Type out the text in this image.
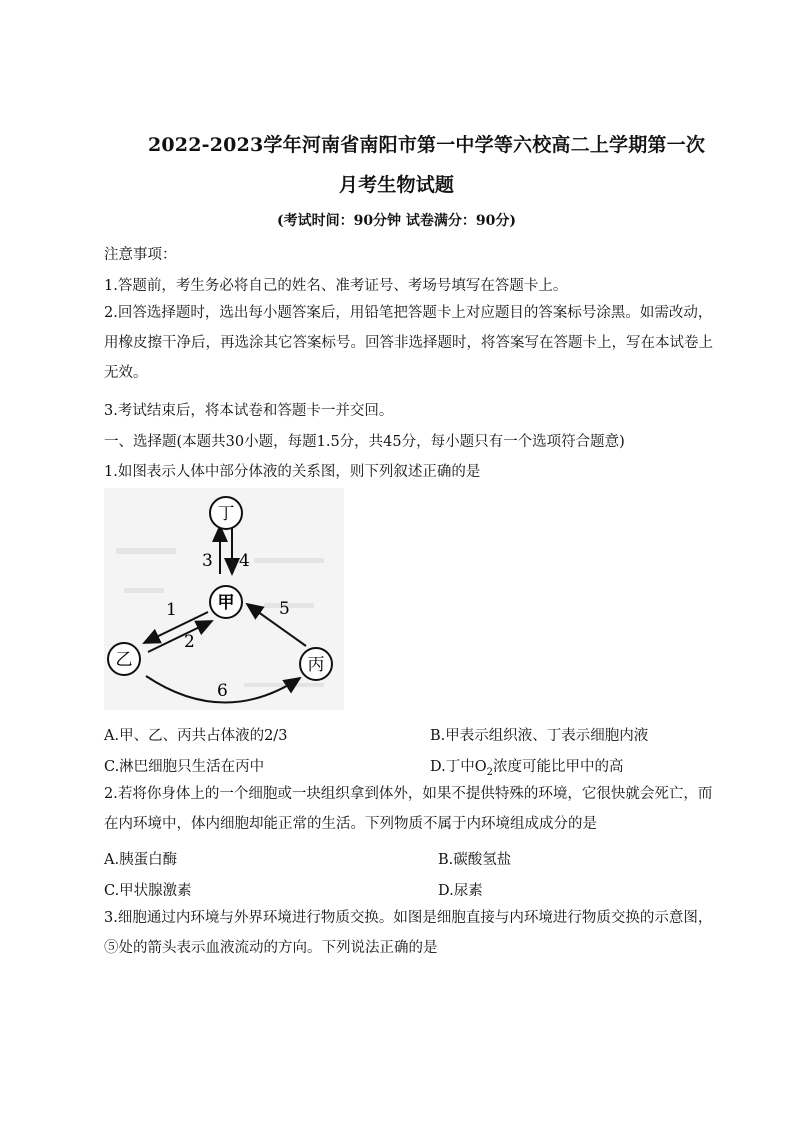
2022-2023学年河南省南阳市第一中学等六校高二上学期第一次
月考生物试题
(考试时间：90分钟 试卷满分：90分)
注意事项：
1.答题前，考生务必将自己的姓名、准考证号、考场号填写在答题卡上。
2.回答选择题时，选出每小题答案后，用铅笔把答题卡上对应题目的答案标号涂黑。如需改动，用橡皮擦干净后，再选涂其它答案标号。回答非选择题时，将答案写在答题卡上，写在本试卷上无效。
3.考试结束后，将本试卷和答题卡一并交回。
一、选择题(本题共30小题，每题1.5分，共45分，每小题只有一个选项符合题意)
1.如图表示人体中部分体液的关系图，则下列叙述正确的是
丁
甲
乙	丙
1
2
3 4
5
6
A.甲、乙、丙共占体液的2/3	B.甲表示组织液、丁表示细胞内液
C.淋巴细胞只生活在丙中	D.丁中$O_2$浓度可能比甲中的高
2.若将你身体上的一个细胞或一块组织拿到体外，如果不提供特殊的环境，它很快就会死亡，而在内环境中，体内细胞却能正常的生活。下列物质不属于内环境组成成分的是
A.胰蛋白酶	B.碳酸氢盐
C.甲状腺激素	D.尿素
3.细胞通过内环境与外界环境进行物质交换。如图是细胞直接与内环境进行物质交换的示意图，⑤处的箭头表示血液流动的方向。下列说法正确的是
